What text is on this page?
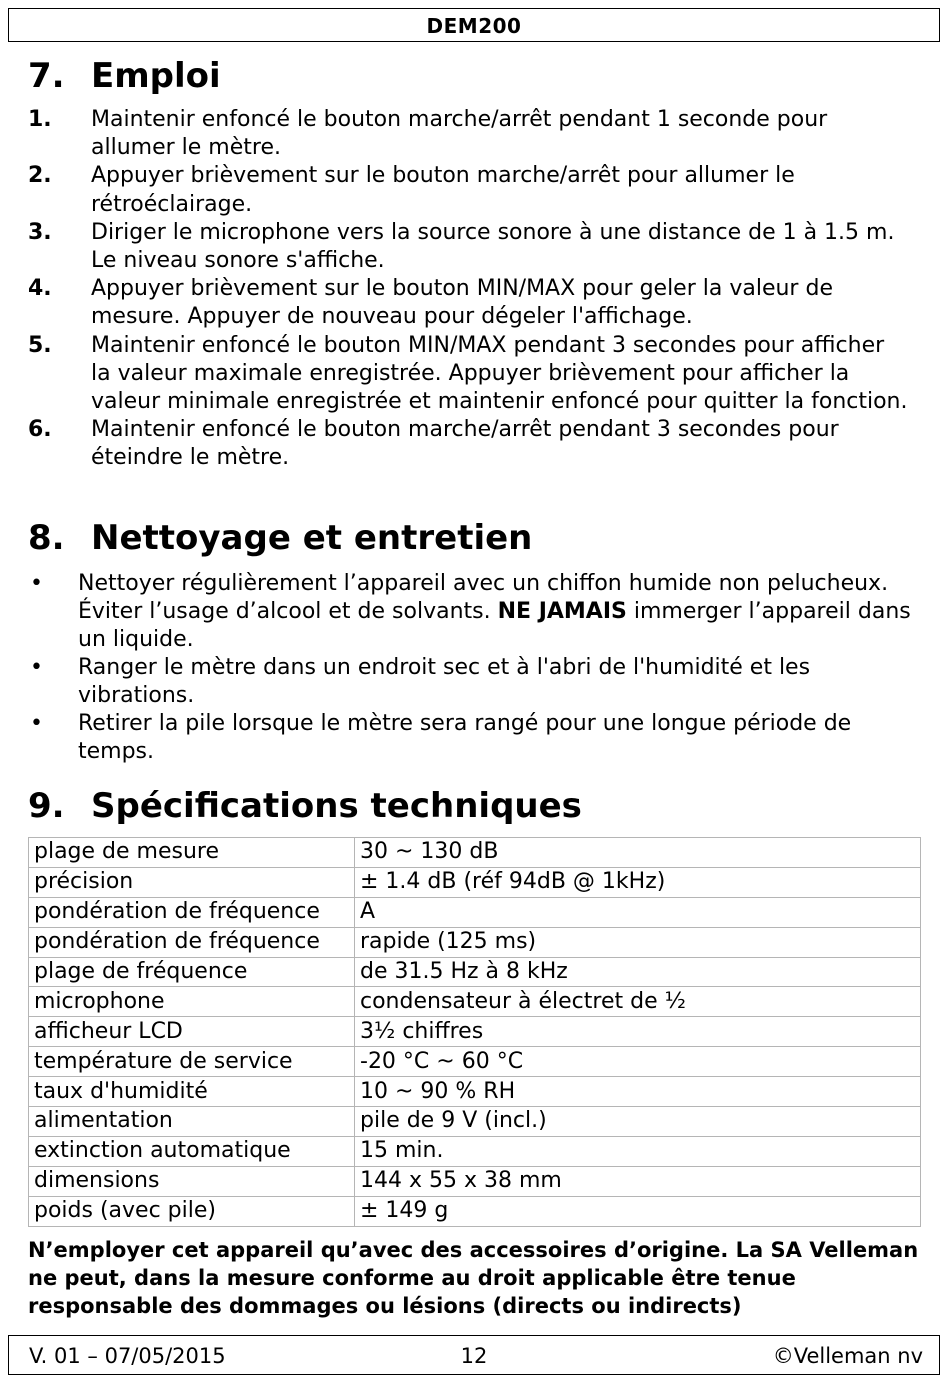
DEM200
7. Emploi
1. Maintenir enfoncé le bouton marche/arrêt pendant 1 seconde pour allumer le mètre.
2. Appuyer brièvement sur le bouton marche/arrêt pour allumer le rétroéclairage.
3. Diriger le microphone vers la source sonore à une distance de 1 à 1.5 m. Le niveau sonore s'affiche.
4. Appuyer brièvement sur le bouton MIN/MAX pour geler la valeur de mesure. Appuyer de nouveau pour dégeler l'affichage.
5. Maintenir enfoncé le bouton MIN/MAX pendant 3 secondes pour afficher la valeur maximale enregistrée. Appuyer brièvement pour afficher la valeur minimale enregistrée et maintenir enfoncé pour quitter la fonction.
6. Maintenir enfoncé le bouton marche/arrêt pendant 3 secondes pour éteindre le mètre.
8. Nettoyage et entretien
• Nettoyer régulièrement l’appareil avec un chiffon humide non pelucheux. Éviter l’usage d’alcool et de solvants. NE JAMAIS immerger l’appareil dans un liquide.
• Ranger le mètre dans un endroit sec et à l'abri de l'humidité et les vibrations.
• Retirer la pile lorsque le mètre sera rangé pour une longue période de temps.
9. Spécifications techniques
plage de mesure	30 ~ 130 dB
précision	± 1.4 dB (réf 94dB @ 1kHz)
pondération de fréquence	A
pondération de fréquence	rapide (125 ms)
plage de fréquence	de 31.5 Hz à 8 kHz
microphone	condensateur à électret de ½
afficheur LCD	3½ chiffres
température de service	-20 °C ~ 60 °C
taux d'humidité	10 ~ 90 % RH
alimentation	pile de 9 V (incl.)
extinction automatique	15 min.
dimensions	144 x 55 x 38 mm
poids (avec pile)	± 149 g

N’employer cet appareil qu’avec des accessoires d’origine. La SA Velleman ne peut, dans la mesure conforme au droit applicable être tenue responsable des dommages ou lésions (directs ou indirects)

V. 01 – 07/05/2015	12	©Velleman nv
